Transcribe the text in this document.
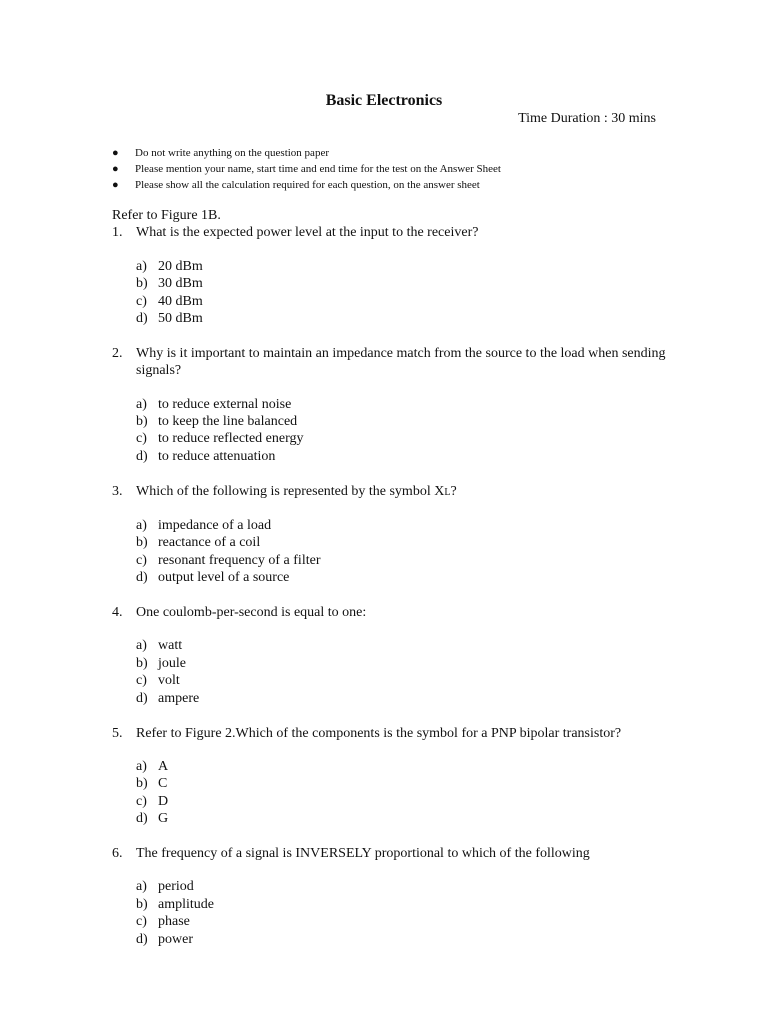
Basic Electronics
Time Duration : 30 mins
● Do not write anything on the question paper
● Please mention your name, start time and end time for the test on the Answer Sheet
● Please show all the calculation required for each question, on the answer sheet
Refer to Figure 1B.
1. What is the expected power level at the input to the receiver?
a) 20 dBm
b) 30 dBm
c) 40 dBm
d) 50 dBm
2. Why is it important to maintain an impedance match from the source to the load when sending signals?
a) to reduce external noise
b) to keep the line balanced
c) to reduce reflected energy
d) to reduce attenuation
3. Which of the following is represented by the symbol XL?
a) impedance of a load
b) reactance of a coil
c) resonant frequency of a filter
d) output level of a source
4. One coulomb-per-second is equal to one:
a) watt
b) joule
c) volt
d) ampere
5. Refer to Figure 2.Which of the components is the symbol for a PNP bipolar transistor?
a) A
b) C
c) D
d) G
6. The frequency of a signal is INVERSELY proportional to which of the following
a) period
b) amplitude
c) phase
d) power
